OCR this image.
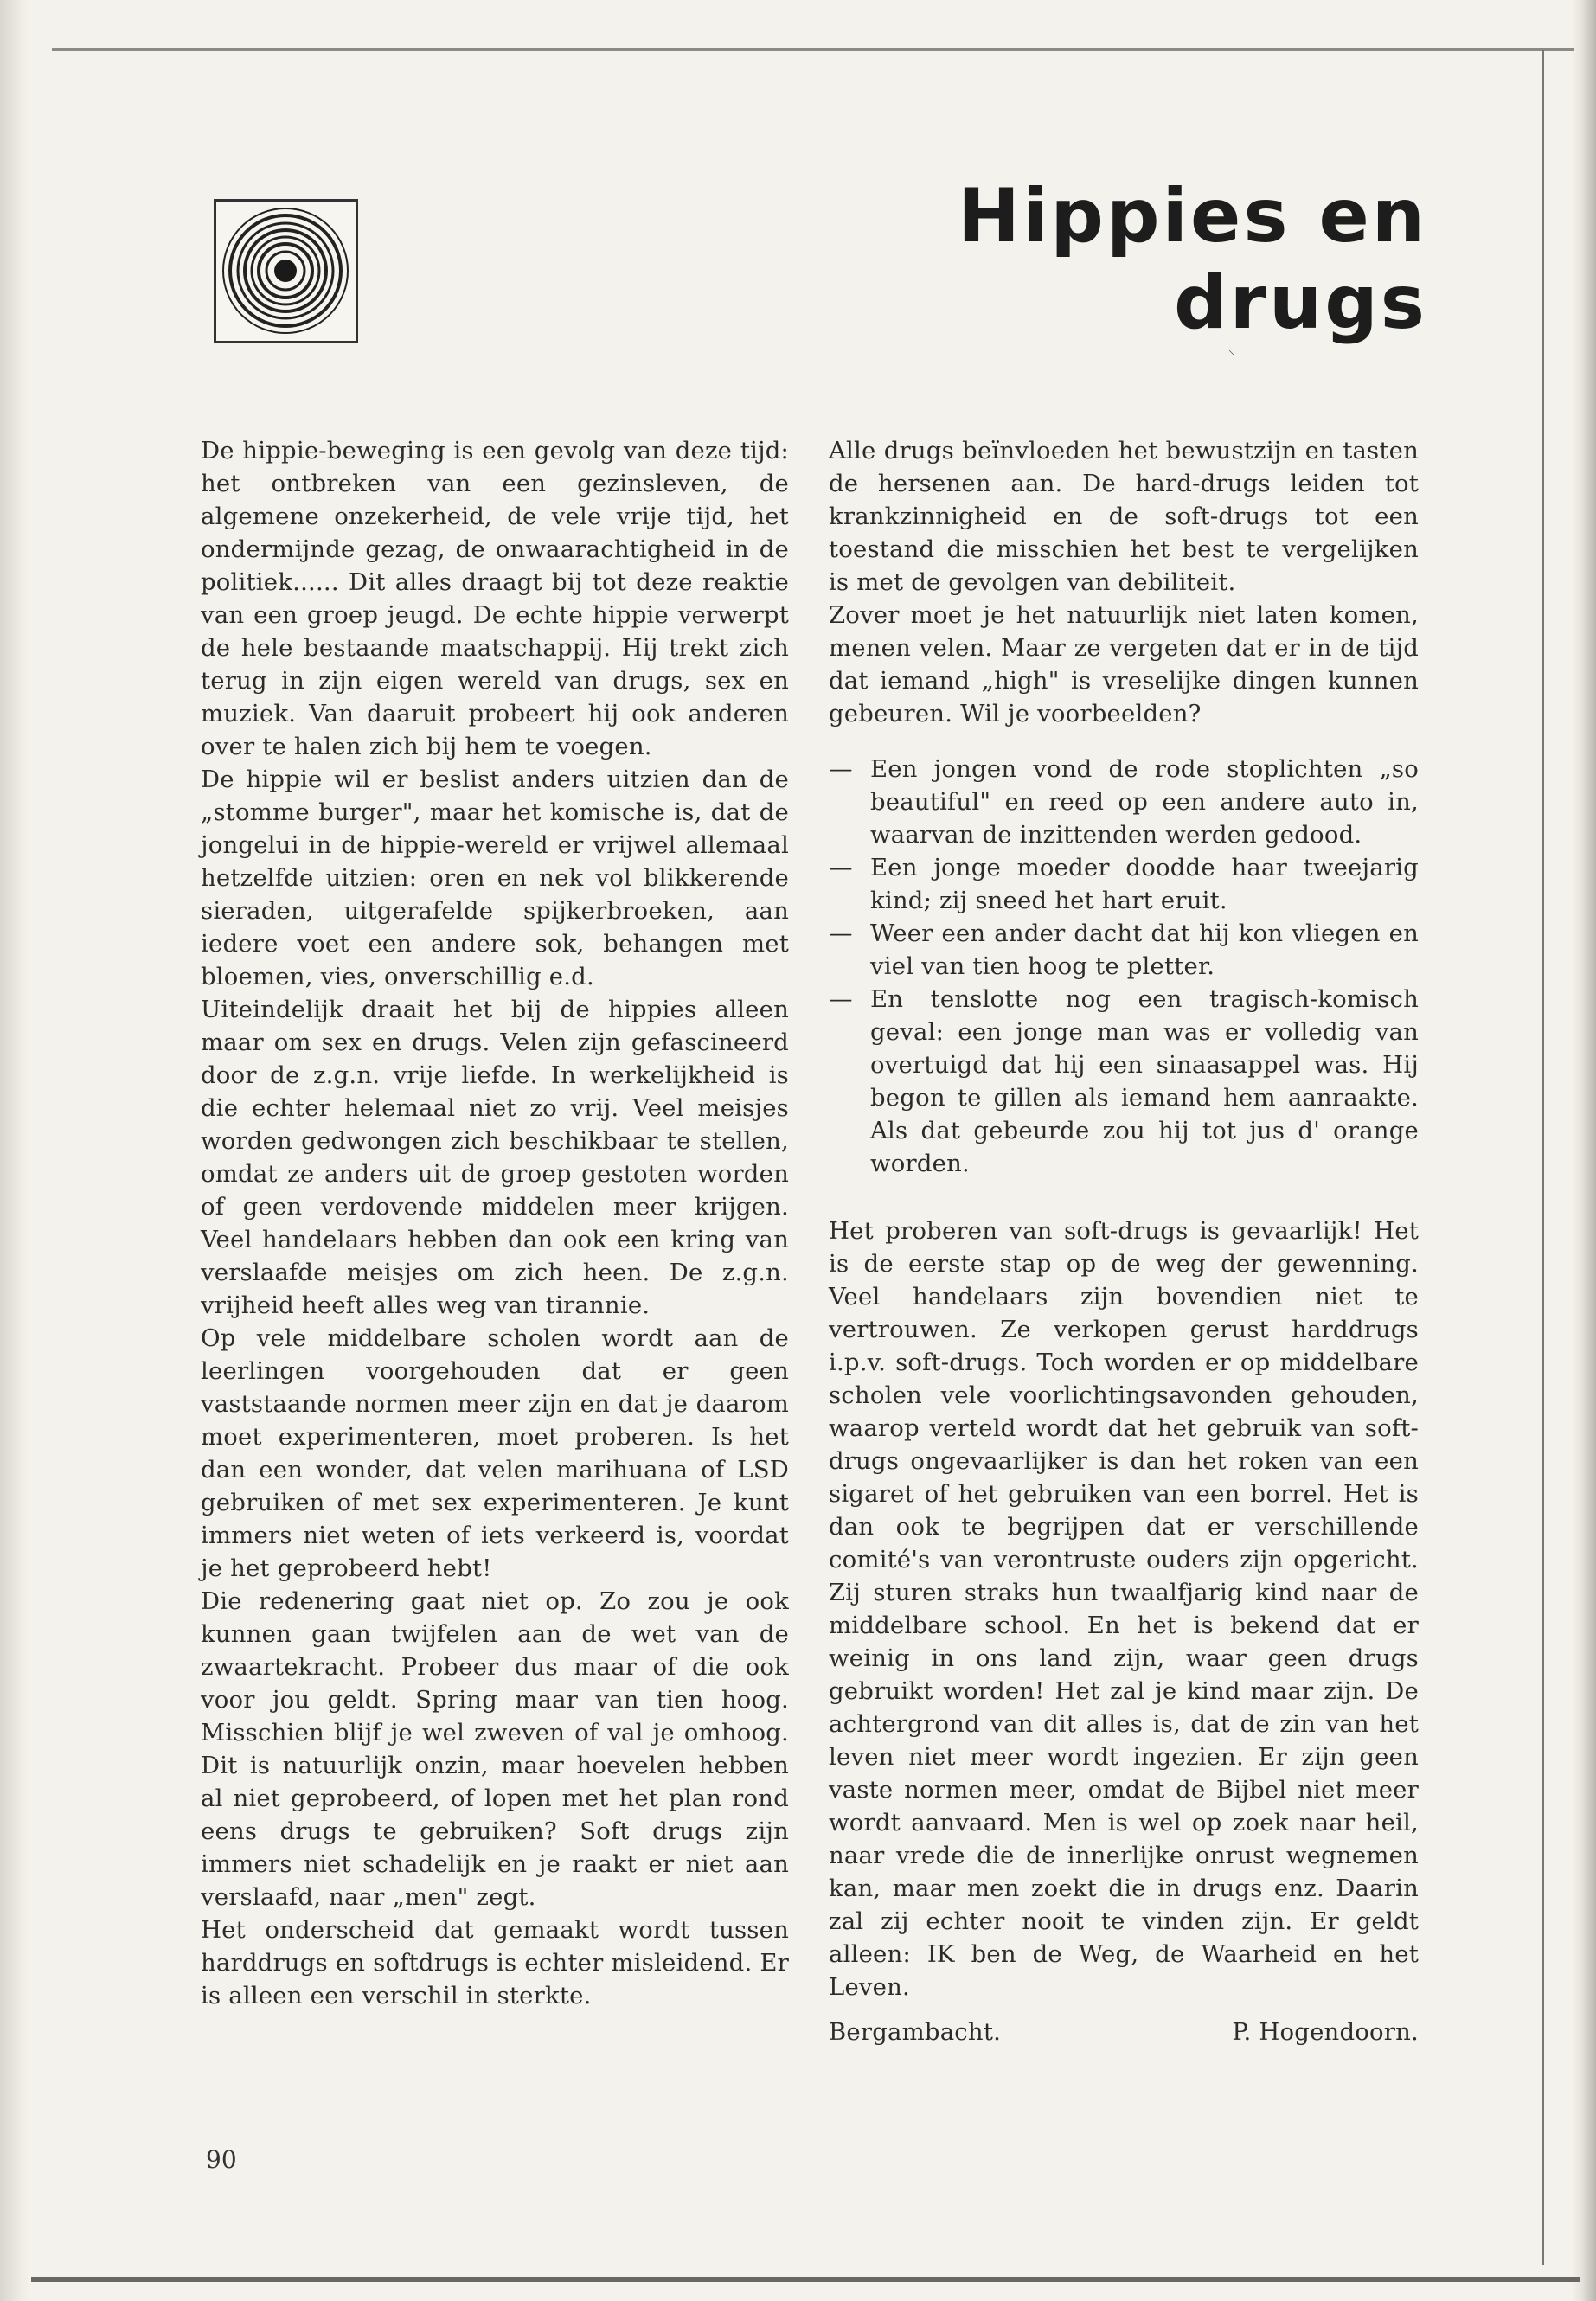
Hippies en drugs
⸜

De hippie-beweging is een gevolg van deze tijd: het ontbreken van een gezinsleven, de algemene onzekerheid, de vele vrije tijd, het ondermijnde gezag, de onwaarachtigheid in de politiek...... Dit alles draagt bij tot deze reaktie van een groep jeugd. De echte hippie verwerpt de hele bestaande maatschappij. Hij trekt zich terug in zijn eigen wereld van drugs, sex en muziek. Van daaruit probeert hij ook anderen over te halen zich bij hem te voegen.

De hippie wil er beslist anders uitzien dan de „stomme burger", maar het komische is, dat de jongelui in de hippie-wereld er vrijwel allemaal hetzelfde uitzien: oren en nek vol blikkerende sieraden, uitgerafelde spijkerbroeken, aan iedere voet een andere sok, behangen met bloemen, vies, onverschillig e.d.

Uiteindelijk draait het bij de hippies alleen maar om sex en drugs. Velen zijn gefascineerd door de z.g.n. vrije liefde. In werkelijkheid is die echter helemaal niet zo vrij. Veel meisjes worden gedwongen zich beschikbaar te stellen, omdat ze anders uit de groep gestoten worden of geen verdovende middelen meer krijgen. Veel handelaars hebben dan ook een kring van verslaafde meisjes om zich heen. De z.g.n. vrijheid heeft alles weg van tirannie.

Op vele middelbare scholen wordt aan de leerlingen voorgehouden dat er geen vaststaande normen meer zijn en dat je daarom moet experimenteren, moet proberen. Is het dan een wonder, dat velen marihuana of LSD gebruiken of met sex experimenteren. Je kunt immers niet weten of iets verkeerd is, voordat je het geprobeerd hebt!

Die redenering gaat niet op. Zo zou je ook kunnen gaan twijfelen aan de wet van de zwaartekracht. Probeer dus maar of die ook voor jou geldt. Spring maar van tien hoog. Misschien blijf je wel zweven of val je omhoog. Dit is natuurlijk onzin, maar hoevelen hebben al niet geprobeerd, of lopen met het plan rond eens drugs te gebruiken? Soft drugs zijn immers niet schadelijk en je raakt er niet aan verslaafd, naar „men" zegt.

Het onderscheid dat gemaakt wordt tussen harddrugs en softdrugs is echter misleidend. Er is alleen een verschil in sterkte.

Alle drugs beïnvloeden het bewustzijn en tasten de hersenen aan. De hard-drugs leiden tot krankzinnigheid en de soft-drugs tot een toestand die misschien het best te vergelijken is met de gevolgen van debiliteit.

Zover moet je het natuurlijk niet laten komen, menen velen. Maar ze vergeten dat er in de tijd dat iemand „high" is vreselijke dingen kunnen gebeuren. Wil je voorbeelden?

— Een jongen vond de rode stoplichten „so beautiful" en reed op een andere auto in, waarvan de inzittenden werden gedood.
— Een jonge moeder doodde haar tweejarig kind; zij sneed het hart eruit.
— Weer een ander dacht dat hij kon vliegen en viel van tien hoog te pletter.
— En tenslotte nog een tragisch-komisch geval: een jonge man was er volledig van overtuigd dat hij een sinaasappel was. Hij begon te gillen als iemand hem aanraakte. Als dat gebeurde zou hij tot jus d' orange worden.

Het proberen van soft-drugs is gevaarlijk! Het is de eerste stap op de weg der gewenning. Veel handelaars zijn bovendien niet te vertrouwen. Ze verkopen gerust harddrugs i.p.v. soft-drugs. Toch worden er op middelbare scholen vele voorlichtingsavonden gehouden, waarop verteld wordt dat het gebruik van soft-drugs ongevaarlijker is dan het roken van een sigaret of het gebruiken van een borrel. Het is dan ook te begrijpen dat er verschillende comité's van verontruste ouders zijn opgericht. Zij sturen straks hun twaalfjarig kind naar de middelbare school. En het is bekend dat er weinig in ons land zijn, waar geen drugs gebruikt worden! Het zal je kind maar zijn. De achtergrond van dit alles is, dat de zin van het leven niet meer wordt ingezien. Er zijn geen vaste normen meer, omdat de Bijbel niet meer wordt aanvaard. Men is wel op zoek naar heil, naar vrede die de innerlijke onrust wegnemen kan, maar men zoekt die in drugs enz. Daarin zal zij echter nooit te vinden zijn. Er geldt alleen: IK ben de Weg, de Waarheid en het Leven.

Bergambacht.	P. Hogendoorn.
90
